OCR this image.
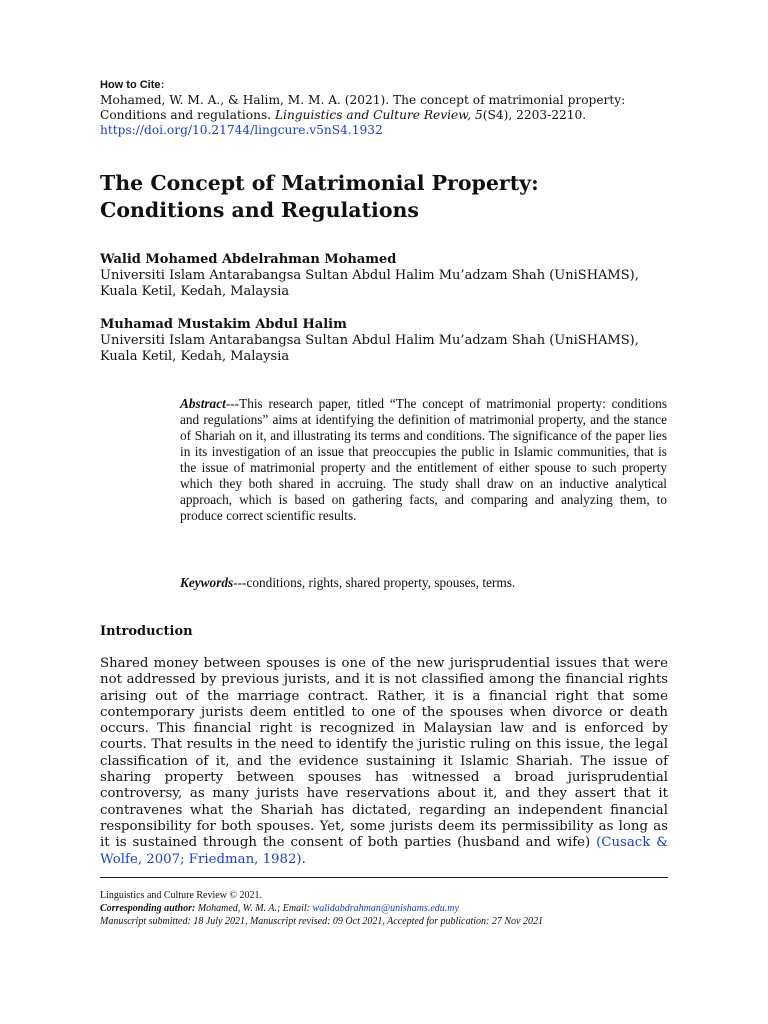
How to Cite:
Mohamed, W. M. A., & Halim, M. M. A. (2021). The concept of matrimonial property:
Conditions and regulations. Linguistics and Culture Review, 5(S4), 2203-2210.
https://doi.org/10.21744/lingcure.v5nS4.1932
The Concept of Matrimonial Property:
Conditions and Regulations
Walid Mohamed Abdelrahman Mohamed
Universiti Islam Antarabangsa Sultan Abdul Halim Mu’adzam Shah (UniSHAMS),
Kuala Ketil, Kedah, Malaysia
Muhamad Mustakim Abdul Halim
Universiti Islam Antarabangsa Sultan Abdul Halim Mu’adzam Shah (UniSHAMS),
Kuala Ketil, Kedah, Malaysia
Abstract---This research paper, titled “The concept of matrimonial property: conditions and regulations” aims at identifying the definition of matrimonial property, and the stance of Shariah on it, and illustrating its terms and conditions. The significance of the paper lies in its investigation of an issue that preoccupies the public in Islamic communities, that is the issue of matrimonial property and the entitlement of either spouse to such property which they both shared in accruing. The study shall draw on an inductive analytical approach, which is based on gathering facts, and comparing and analyzing them, to produce correct scientific results.
Keywords---conditions, rights, shared property, spouses, terms.
Introduction
Shared money between spouses is one of the new jurisprudential issues that were not addressed by previous jurists, and it is not classified among the financial rights arising out of the marriage contract. Rather, it is a financial right that some contemporary jurists deem entitled to one of the spouses when divorce or death occurs. This financial right is recognized in Malaysian law and is enforced by courts. That results in the need to identify the juristic ruling on this issue, the legal classification of it, and the evidence sustaining it Islamic Shariah. The issue of sharing property between spouses has witnessed a broad jurisprudential controversy, as many jurists have reservations about it, and they assert that it contravenes what the Shariah has dictated, regarding an independent financial responsibility for both spouses. Yet, some jurists deem its permissibility as long as it is sustained through the consent of both parties (husband and wife) (Cusack & Wolfe, 2007; Friedman, 1982).
Linguistics and Culture Review © 2021.
Corresponding author: Mohamed, W. M. A.; Email: walidabdrahman@unishams.edu.my
Manuscript submitted: 18 July 2021, Manuscript revised: 09 Oct 2021, Accepted for publication: 27 Nov 2021
